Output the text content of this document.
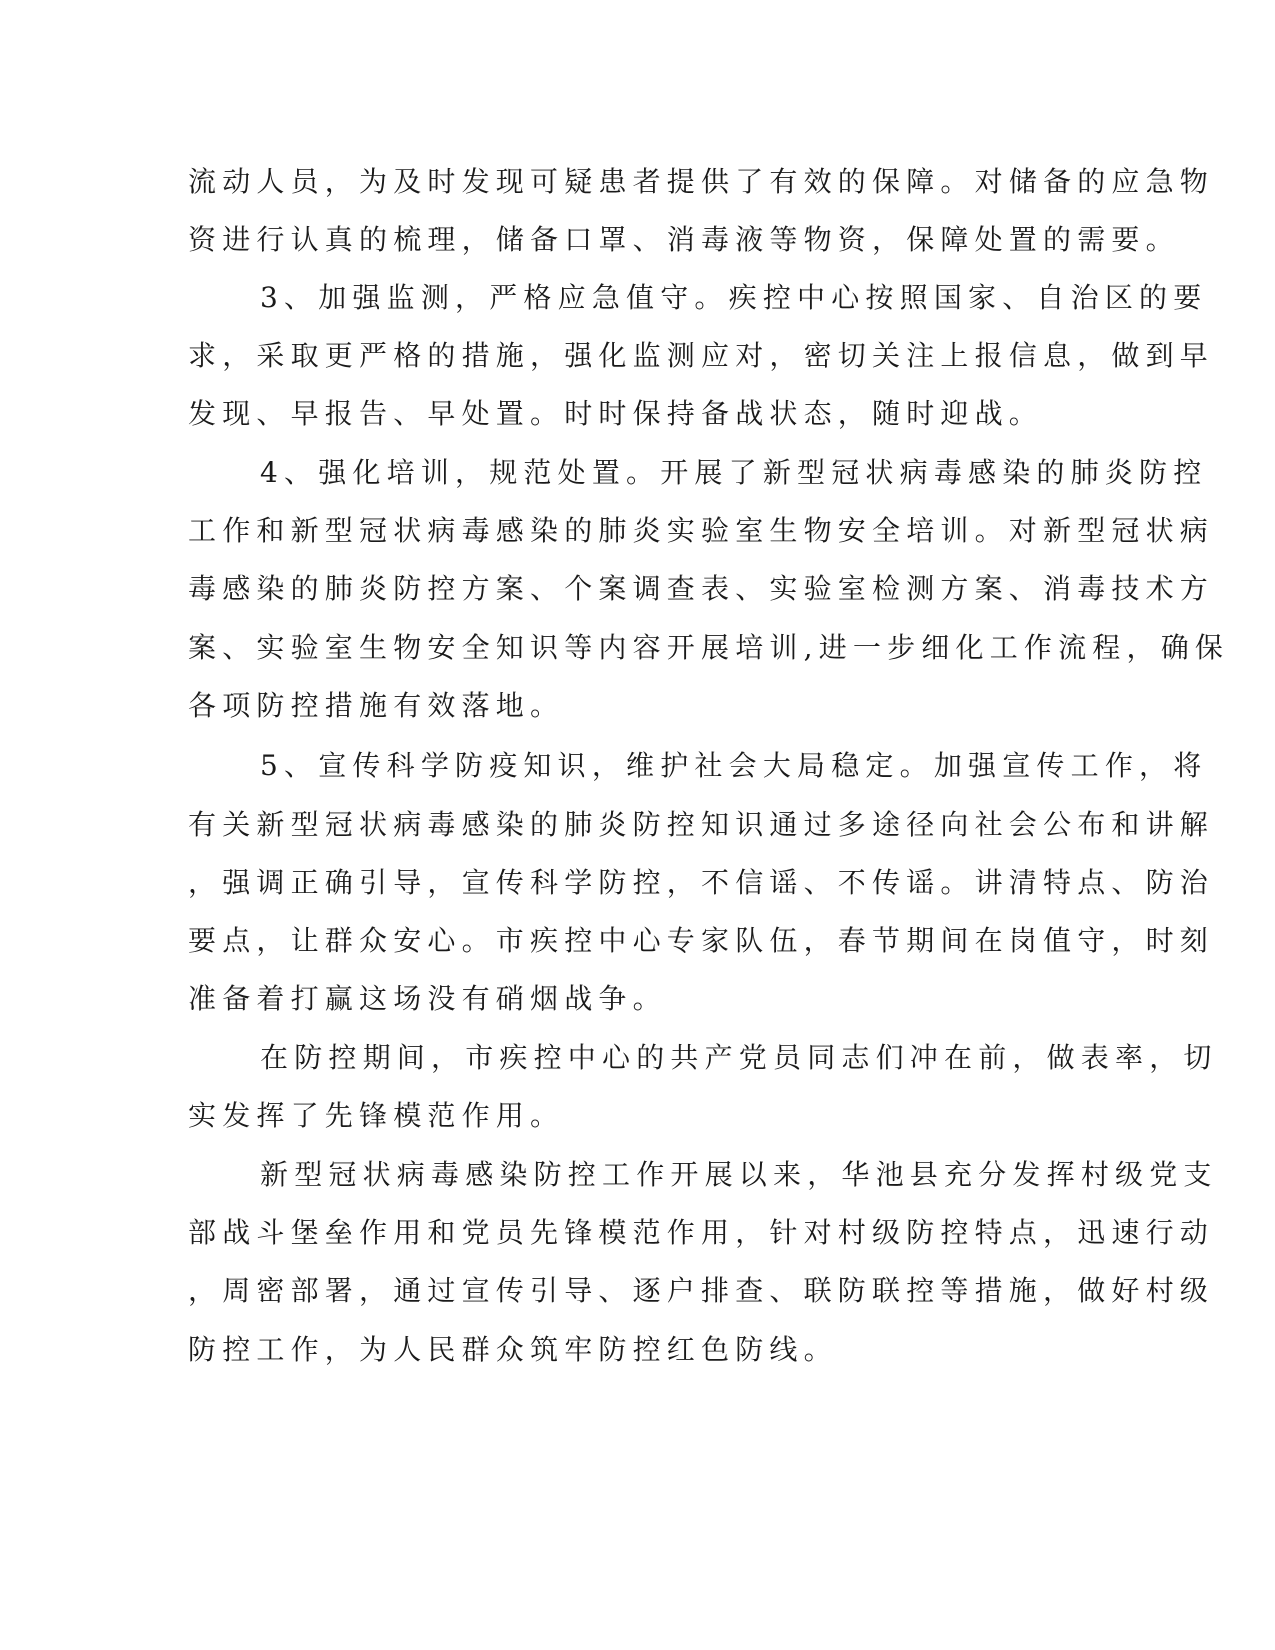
流动人员，为及时发现可疑患者提供了有效的保障。对储备的应急物

资进行认真的梳理，储备口罩、消毒液等物资，保障处置的需要。

3、加强监测，严格应急值守。疾控中心按照国家、自治区的要

求，采取更严格的措施，强化监测应对，密切关注上报信息，做到早

发现、早报告、早处置。时时保持备战状态，随时迎战。

4、强化培训，规范处置。开展了新型冠状病毒感染的肺炎防控

工作和新型冠状病毒感染的肺炎实验室生物安全培训。对新型冠状病

毒感染的肺炎防控方案、个案调查表、实验室检测方案、消毒技术方

案、实验室生物安全知识等内容开展培训,进一步细化工作流程，确保

各项防控措施有效落地。

5、宣传科学防疫知识，维护社会大局稳定。加强宣传工作，将

有关新型冠状病毒感染的肺炎防控知识通过多途径向社会公布和讲解

，强调正确引导，宣传科学防控，不信谣、不传谣。讲清特点、防治

要点，让群众安心。市疾控中心专家队伍，春节期间在岗值守，时刻

准备着打赢这场没有硝烟战争。

在防控期间，市疾控中心的共产党员同志们冲在前，做表率，切

实发挥了先锋模范作用。

新型冠状病毒感染防控工作开展以来，华池县充分发挥村级党支

部战斗堡垒作用和党员先锋模范作用，针对村级防控特点，迅速行动

，周密部署，通过宣传引导、逐户排查、联防联控等措施，做好村级

防控工作，为人民群众筑牢防控红色防线。
